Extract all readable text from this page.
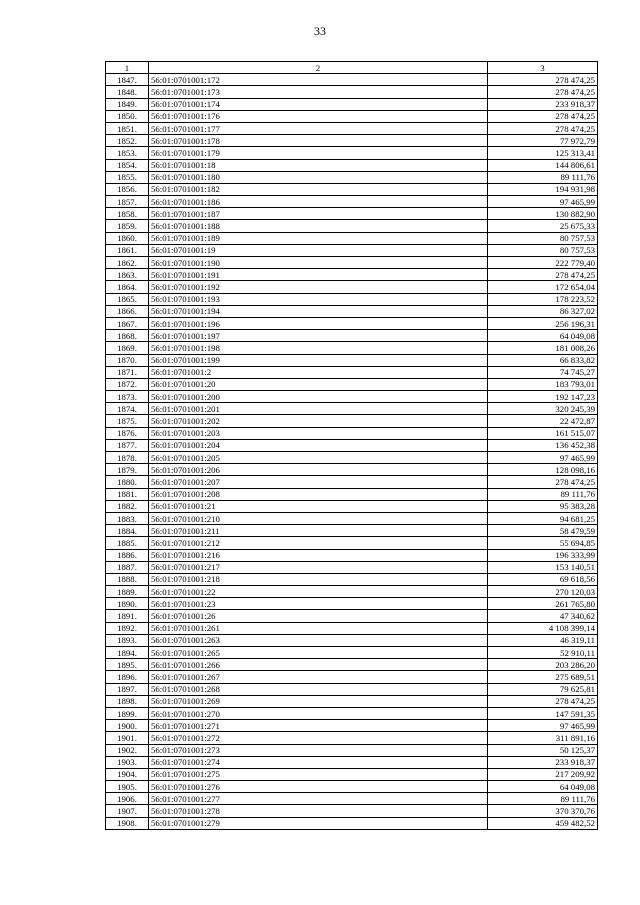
33
1	2	3
1847.	56:01:0701001:172	278 474,25
1848.	56:01:0701001:173	278 474,25
1849.	56:01:0701001:174	233 918,37
1850.	56:01:0701001:176	278 474,25
1851.	56:01:0701001:177	278 474,25
1852.	56:01:0701001:178	77 972,79
1853.	56:01:0701001:179	125 313,41
1854.	56:01:0701001:18	144 806,61
1855.	56:01:0701001:180	89 111,76
1856.	56:01:0701001:182	194 931,98
1857.	56:01:0701001:186	97 465,99
1858.	56:01:0701001:187	130 882,90
1859.	56:01:0701001:188	25 675,33
1860.	56:01:0701001:189	80 757,53
1861.	56:01:0701001:19	80 757,53
1862.	56:01:0701001:190	222 779,40
1863.	56:01:0701001:191	278 474,25
1864.	56:01:0701001:192	172 654,04
1865.	56:01:0701001:193	178 223,52
1866.	56:01:0701001:194	86 327,02
1867.	56:01:0701001:196	256 196,31
1868.	56:01:0701001:197	64 049,08
1869.	56:01:0701001:198	181 008,26
1870.	56:01:0701001:199	66 833,82
1871.	56:01:0701001:2	74 745,27
1872.	56:01:0701001:20	183 793,01
1873.	56:01:0701001:200	192 147,23
1874.	56:01:0701001:201	320 245,39
1875.	56:01:0701001:202	22 472,87
1876.	56:01:0701001:203	161 515,07
1877.	56:01:0701001:204	136 452,38
1878.	56:01:0701001:205	97 465,99
1879.	56:01:0701001:206	128 098,16
1880.	56:01:0701001:207	278 474,25
1881.	56:01:0701001:208	89 111,76
1882.	56:01:0701001:21	95 383,28
1883.	56:01:0701001:210	94 681,25
1884.	56:01:0701001:211	58 479,59
1885.	56:01:0701001:212	55 694,85
1886.	56:01:0701001:216	196 333,99
1887.	56:01:0701001:217	153 140,51
1888.	56:01:0701001:218	69 618,56
1889.	56:01:0701001:22	270 120,03
1890.	56:01:0701001:23	261 765,80
1891.	56:01:0701001:26	47 340,62
1892.	56:01:0701001:261	4 108 399,14
1893.	56:01:0701001:263	46 319,11
1894.	56:01:0701001:265	52 910,11
1895.	56:01:0701001:266	203 286,20
1896.	56:01:0701001:267	275 689,51
1897.	56:01:0701001:268	79 625,81
1898.	56:01:0701001:269	278 474,25
1899.	56:01:0701001:270	147 591,35
1900.	56:01:0701001:271	97 465,99
1901.	56:01:0701001:272	311 891,16
1902.	56:01:0701001:273	50 125,37
1903.	56:01:0701001:274	233 918,37
1904.	56:01:0701001:275	217 209,92
1905.	56:01:0701001:276	64 049,08
1906.	56:01:0701001:277	89 111,76
1907.	56:01:0701001:278	370 370,76
1908.	56:01:0701001:279	459 482,52
